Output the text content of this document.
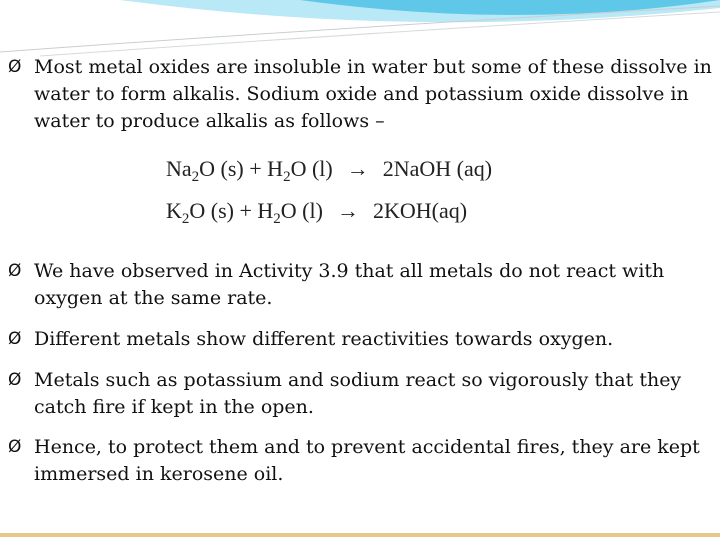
Ø Most metal oxides are insoluble in water but some of these dissolve in water to form alkalis. Sodium oxide and potassium oxide dissolve in water to produce alkalis as follows –
$Na_2O$ $(s) + H_2O$ (l) → 2NaOH (aq)
$K_2O$ $(s) + H_2O$ (l) → 2KOH(aq)
Ø We have observed in Activity 3.9 that all metals do not react with oxygen at the same rate.
Ø Different metals show different reactivities towards oxygen.
Ø Metals such as potassium and sodium react so vigorously that they catch fire if kept in the open.
Ø Hence, to protect them and to prevent accidental fires, they are kept immersed in kerosene oil.
